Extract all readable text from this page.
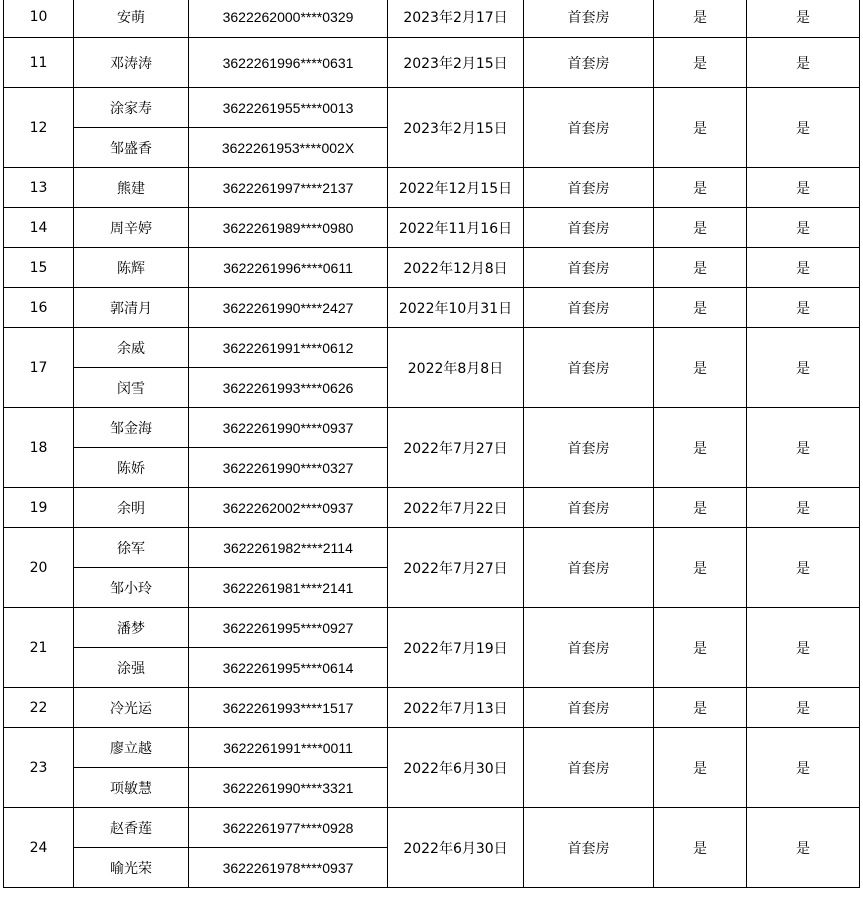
10	安萌	3622262000****0329	2023年2月17日	首套房	是	是
11	邓涛涛	3622261996****0631	2023年2月15日	首套房	是	是
12	涂家寿	3622261955****0013	2023年2月15日	首套房	是	是
	邹盛香	3622261953****002X				
13	熊建	3622261997****2137	2022年12月15日	首套房	是	是
14	周辛婷	3622261989****0980	2022年11月16日	首套房	是	是
15	陈辉	3622261996****0611	2022年12月8日	首套房	是	是
16	郭清月	3622261990****2427	2022年10月31日	首套房	是	是
17	余威	3622261991****0612	2022年8月8日	首套房	是	是
	闵雪	3622261993****0626				
18	邹金海	3622261990****0937	2022年7月27日	首套房	是	是
	陈娇	3622261990****0327				
19	余明	3622262002****0937	2022年7月22日	首套房	是	是
20	徐军	3622261982****2114	2022年7月27日	首套房	是	是
	邹小玲	3622261981****2141				
21	潘梦	3622261995****0927	2022年7月19日	首套房	是	是
	涂强	3622261995****0614				
22	冷光运	3622261993****1517	2022年7月13日	首套房	是	是
23	廖立越	3622261991****0011	2022年6月30日	首套房	是	是
	项敏慧	3622261990****3321				
24	赵香莲	3622261977****0928	2022年6月30日	首套房	是	是
	喻光荣	3622261978****0937				
